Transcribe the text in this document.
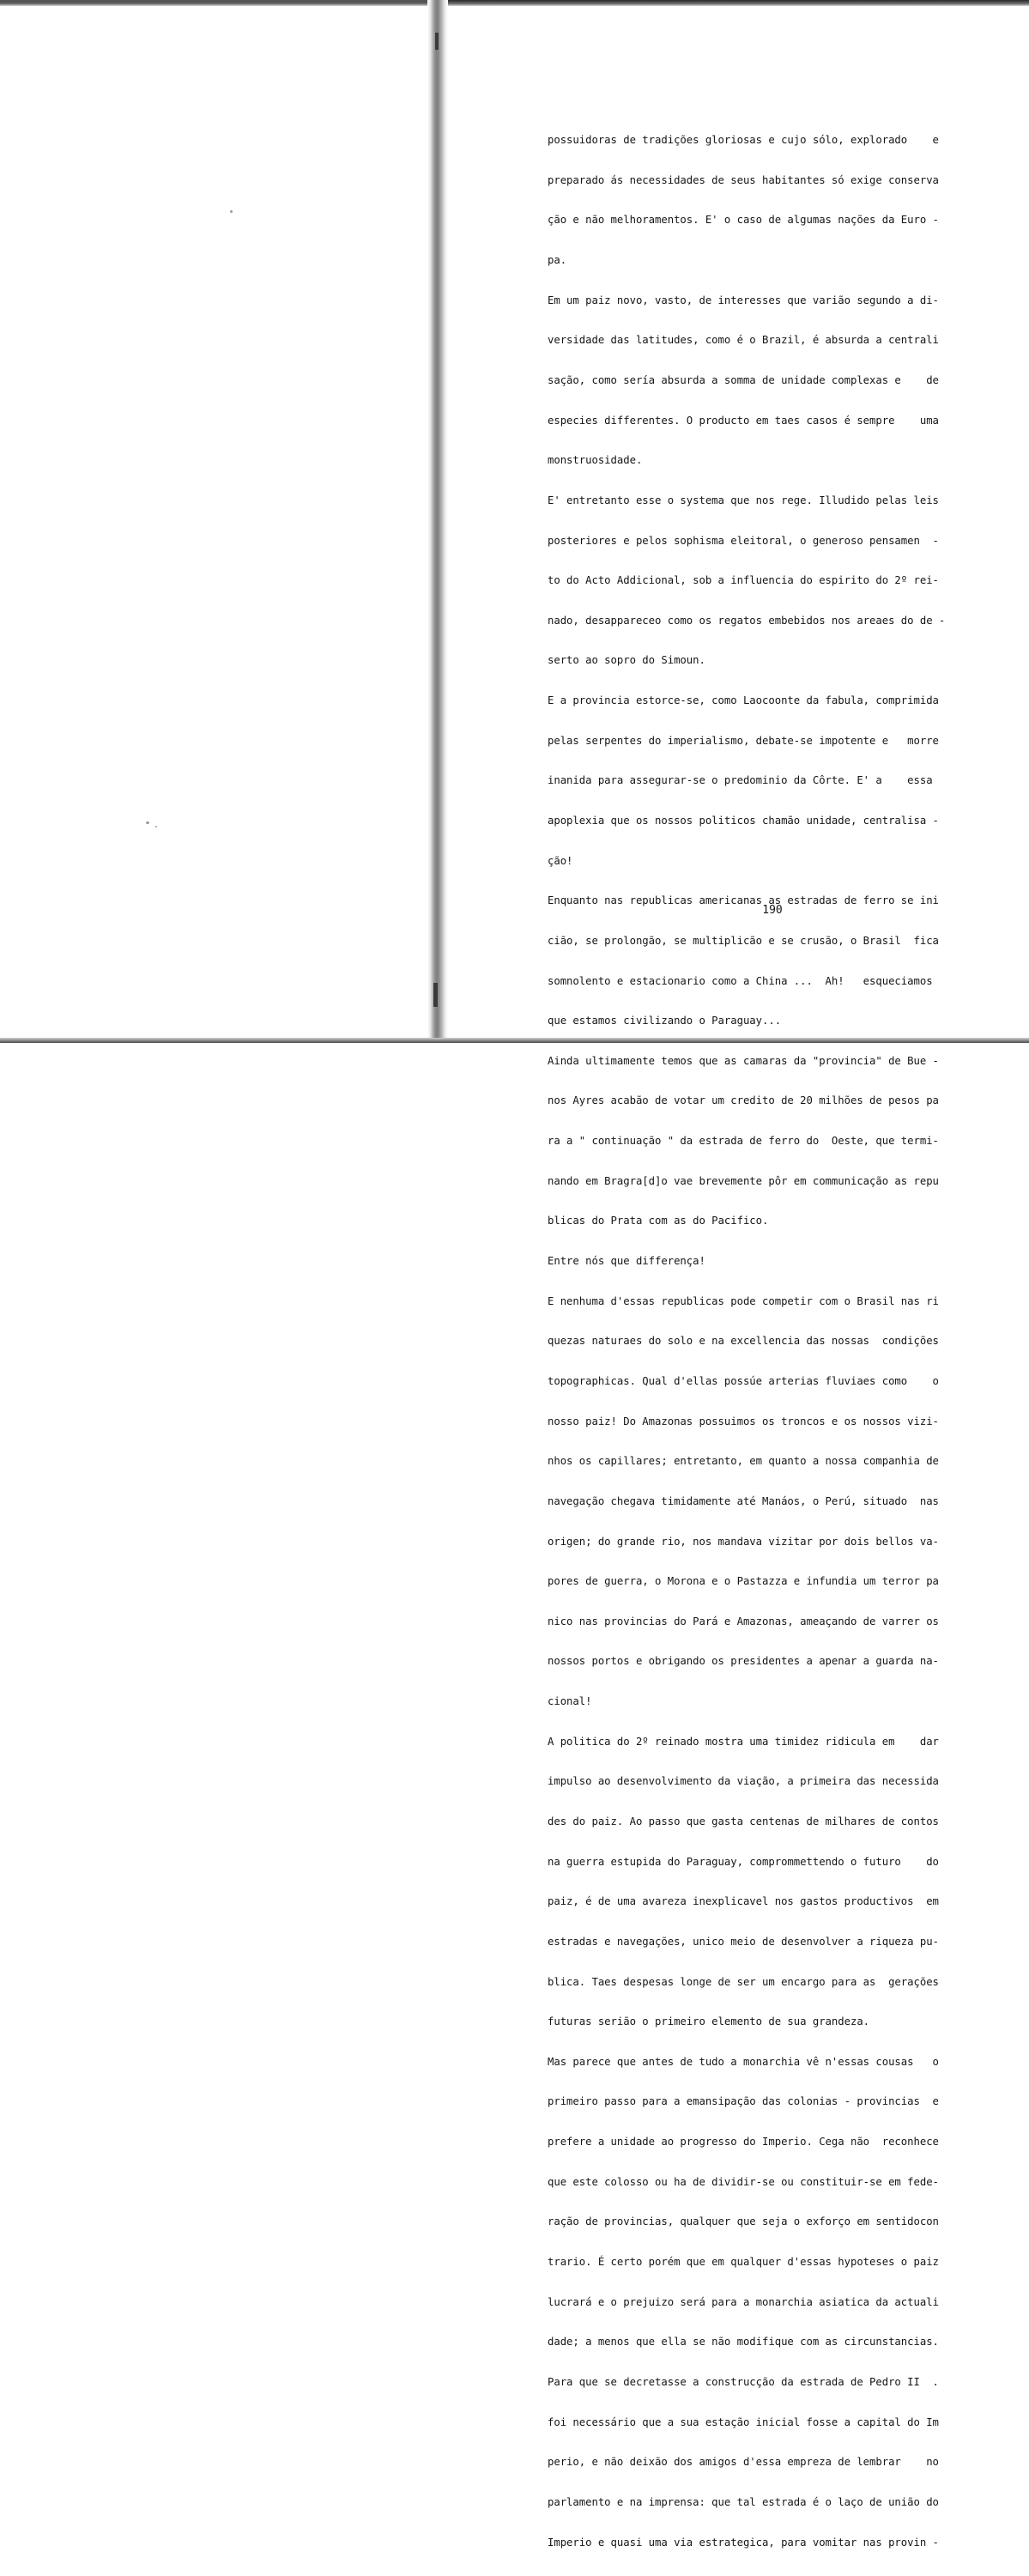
possuidoras de tradições gloriosas e cujo sólo, explorado    e

preparado ás necessidades de seus habitantes só exige conserva

ção e não melhoramentos. E' o caso de algumas nações da Euro -

pa.

Em um paiz novo, vasto, de interesses que varião segundo a di-

versidade das latitudes, como é o Brazil, é absurda a centrali

sação, como sería absurda a somma de unidade complexas e    de

especies differentes. O producto em taes casos é sempre    uma

monstruosidade.

E' entretanto esse o systema que nos rege. Illudido pelas leis

posteriores e pelos sophisma eleitoral, o generoso pensamen  -

to do Acto Addicional, sob a influencia do espirito do 2º rei-

nado, desappareceo como os regatos embebidos nos areaes do de -

serto ao sopro do Simoun.

E a provincia estorce-se, como Laocoonte da fabula, comprimida

pelas serpentes do imperialismo, debate-se impotente e   morre

inanida para assegurar-se o predominio da Côrte. E' a    essa

apoplexia que os nossos politicos chamão unidade, centralisa -

ção!

Enquanto nas republicas americanas as estradas de ferro se ini

cião, se prolongão, se multiplicão e se crusão, o Brasil  fica

somnolento e estacionario como a China ...  Ah!   esqueciamos

que estamos civilizando o Paraguay...

Ainda ultimamente temos que as camaras da "provincia" de Bue -

nos Ayres acabão de votar um credito de 20 milhões de pesos pa

ra a " continuação " da estrada de ferro do  Oeste, que termi-

nando em Bragra[d]o vae brevemente pôr em communicação as repu

blicas do Prata com as do Pacifico.

Entre nós que differença!

E nenhuma d'essas republicas pode competir com o Brasil nas ri

quezas naturaes do solo e na excellencia das nossas  condições

topographicas. Qual d'ellas possúe arterias fluviaes como    o

nosso paiz! Do Amazonas possuimos os troncos e os nossos vizi-

nhos os capillares; entretanto, em quanto a nossa companhia de

navegação chegava timidamente até Manáos, o Perú, situado  nas

origen; do grande rio, nos mandava vizitar por dois bellos va-

pores de guerra, o Morona e o Pastazza e infundia um terror pa

nico nas provincias do Pará e Amazonas, ameaçando de varrer os

nossos portos e obrigando os presidentes a apenar a guarda na-

cional!

A politica do 2º reinado mostra uma timidez ridicula em    dar

impulso ao desenvolvimento da viação, a primeira das necessida

des do paiz. Ao passo que gasta centenas de milhares de contos

na guerra estupida do Paraguay, comprommettendo o futuro    do

paiz, é de uma avareza inexplicavel nos gastos productivos  em

estradas e navegações, unico meio de desenvolver a riqueza pu-

blica. Taes despesas longe de ser um encargo para as  gerações

futuras serião o primeiro elemento de sua grandeza.

Mas parece que antes de tudo a monarchia vê n'essas cousas   o

primeiro passo para a emansipação das colonias - provincias  e

prefere a unidade ao progresso do Imperio. Cega não  reconhece

que este colosso ou ha de dividir-se ou constituir-se em fede-

ração de provincias, qualquer que seja o exforço em sentidocon

trario. É certo porém que em qualquer d'essas hypoteses o paiz

lucrará e o prejuizo será para a monarchia asiatica da actuali

dade; a menos que ella se não modifique com as circunstancias.

Para que se decretasse a construcção da estrada de Pedro II  .

foi necessário que a sua estação inicial fosse a capital do Im

perio, e não deixão dos amigos d'essa empreza de lembrar    no

parlamento e na imprensa: que tal estrada é o laço de união do

Imperio e quasi uma via estrategica, para vomitar nas provin -

190
